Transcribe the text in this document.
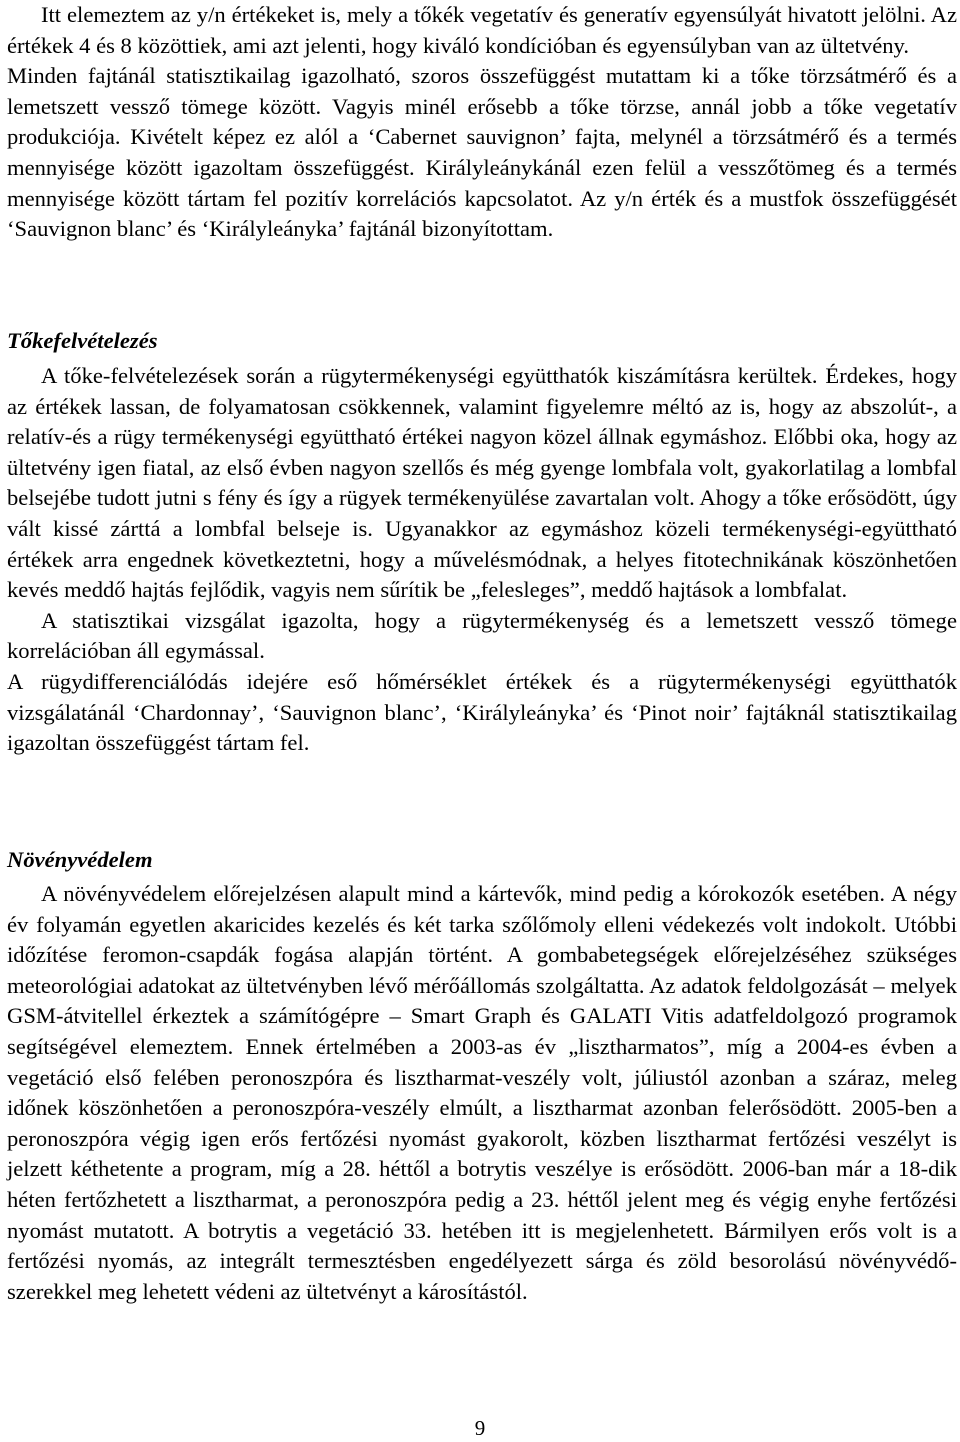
Itt elemeztem az y/n értékeket is, mely a tőkék vegetatív és generatív egyensúlyát hivatott jelölni. Az értékek 4 és 8 közöttiek, ami azt jelenti, hogy kiváló kondícióban és egyensúlyban van az ültetvény.

Minden fajtánál statisztikailag igazolható, szoros összefüggést mutattam ki a tőke törzsátmérő és a lemetszett vessző tömege között. Vagyis minél erősebb a tőke törzse, annál jobb a tőke vegetatív produkciója. Kivételt képez ez alól a ‘Cabernet sauvignon’ fajta, melynél a törzsátmérő és a termés mennyisége között igazoltam összefüggést. Királyleánykánál ezen felül a vesszőtömeg és a termés mennyisége között tártam fel pozitív korrelációs kapcsolatot. Az y/n érték és a mustfok összefüggését ‘Sauvignon blanc’ és ‘Királyleányka’ fajtánál bizonyítottam.

Tőkefelvételezés

A tőke-felvételezések során a rügytermékenységi együtthatók kiszámításra kerültek. Érdekes, hogy az értékek lassan, de folyamatosan csökkennek, valamint figyelemre méltó az is, hogy az abszolút-, a relatív-és a rügy termékenységi együttható értékei nagyon közel állnak egymáshoz. Előbbi oka, hogy az ültetvény igen fiatal, az első évben nagyon szellős és még gyenge lombfala volt, gyakorlatilag a lombfal belsejébe tudott jutni s fény és így a rügyek termékenyülése zavartalan volt. Ahogy a tőke erősödött, úgy vált kissé zárttá a lombfal belseje is. Ugyanakkor az egymáshoz közeli termékenységi-együttható értékek arra engednek következtetni, hogy a művelésmódnak, a helyes fitotechnikának köszönhetően kevés meddő hajtás fejlődik, vagyis nem sűrítik be „felesleges”, meddő hajtások a lombfalat.

A statisztikai vizsgálat igazolta, hogy a rügytermékenység és a lemetszett vessző tömege korrelációban áll egymással.

A rügydifferenciálódás idejére eső hőmérséklet értékek és a rügytermékenységi együtthatók vizsgálatánál ‘Chardonnay’, ‘Sauvignon blanc’, ‘Királyleányka’ és ‘Pinot noir’ fajtáknál statisztikailag igazoltan összefüggést tártam fel.

Növényvédelem

A növényvédelem előrejelzésen alapult mind a kártevők, mind pedig a kórokozók esetében. A négy év folyamán egyetlen akaricides kezelés és két tarka szőlőmoly elleni védekezés volt indokolt. Utóbbi időzítése feromon-csapdák fogása alapján történt. A gombabetegségek előrejelzéséhez szükséges meteorológiai adatokat az ültetvényben lévő mérőállomás szolgáltatta. Az adatok feldolgozását – melyek GSM-átvitellel érkeztek a számítógépre – Smart Graph és GALATI Vitis adatfeldolgozó programok segítségével elemeztem. Ennek értelmében a 2003-as év „lisztharmatos”, míg a 2004-es évben a vegetáció első felében peronoszpóra és lisztharmat-veszély volt, júliustól azonban a száraz, meleg időnek köszönhetően a peronoszpóra-veszély elmúlt, a lisztharmat azonban felerősödött. 2005-ben a peronoszpóra végig igen erős fertőzési nyomást gyakorolt, közben lisztharmat fertőzési veszélyt is jelzett kéthetente a program, míg a 28. héttől a botrytis veszélye is erősödött. 2006-ban már a 18-dik héten fertőzhetett a lisztharmat, a peronoszpóra pedig a 23. héttől jelent meg és végig enyhe fertőzési nyomást mutatott. A botrytis a vegetáció 33. hetében itt is megjelenhetett. Bármilyen erős volt is a fertőzési nyomás, az integrált termesztésben engedélyezett sárga és zöld besorolású növényvédő-szerekkel meg lehetett védeni az ültetvényt a károsítástól.

9
